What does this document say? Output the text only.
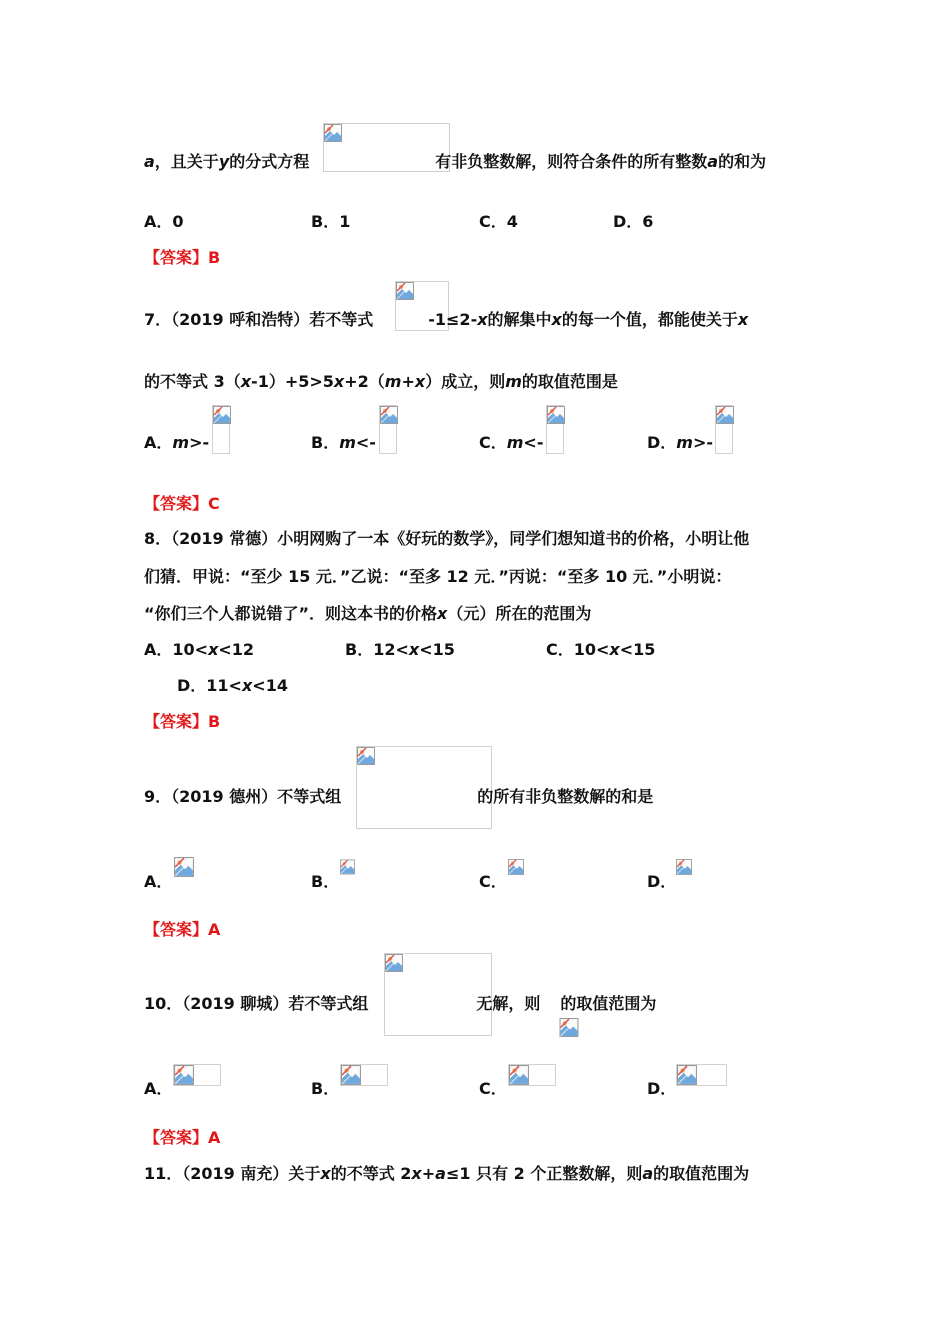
a，且关于y的分式方程	有非负整数解，则符合条件的所有整数a的和为
A．0	B．1	C．4	D．6
【答案】B
7．（2019 呼和浩特）若不等式	-1≤2-x的解集中x的每一个值，都能使关于x
的不等式 3（x-1）+5>5x+2（m+x）成立，则m的取值范围是
A．m>-	B．m<-	C．m<-	D．m>-
【答案】C
8．（2019 常德）小明网购了一本《好玩的数学》，同学们想知道书的价格，小明让他
们猜．甲说：“至少 15 元．”乙说：“至多 12 元．”丙说：“至多 10 元．”小明说：
“你们三个人都说错了”．则这本书的价格x（元）所在的范围为
A．10<x<12	B．12<x<15	C．10<x<15
D．11<x<14
【答案】B
9．（2019 德州）不等式组	的所有非负整数解的和是
A．	B．	C．	D．
【答案】A
10．（2019 聊城）若不等式组	无解，则 的取值范围为
A．	B．	C．	D．
【答案】A
11．（2019 南充）关于x的不等式 2x+a≤1 只有 2 个正整数解，则a的取值范围为
